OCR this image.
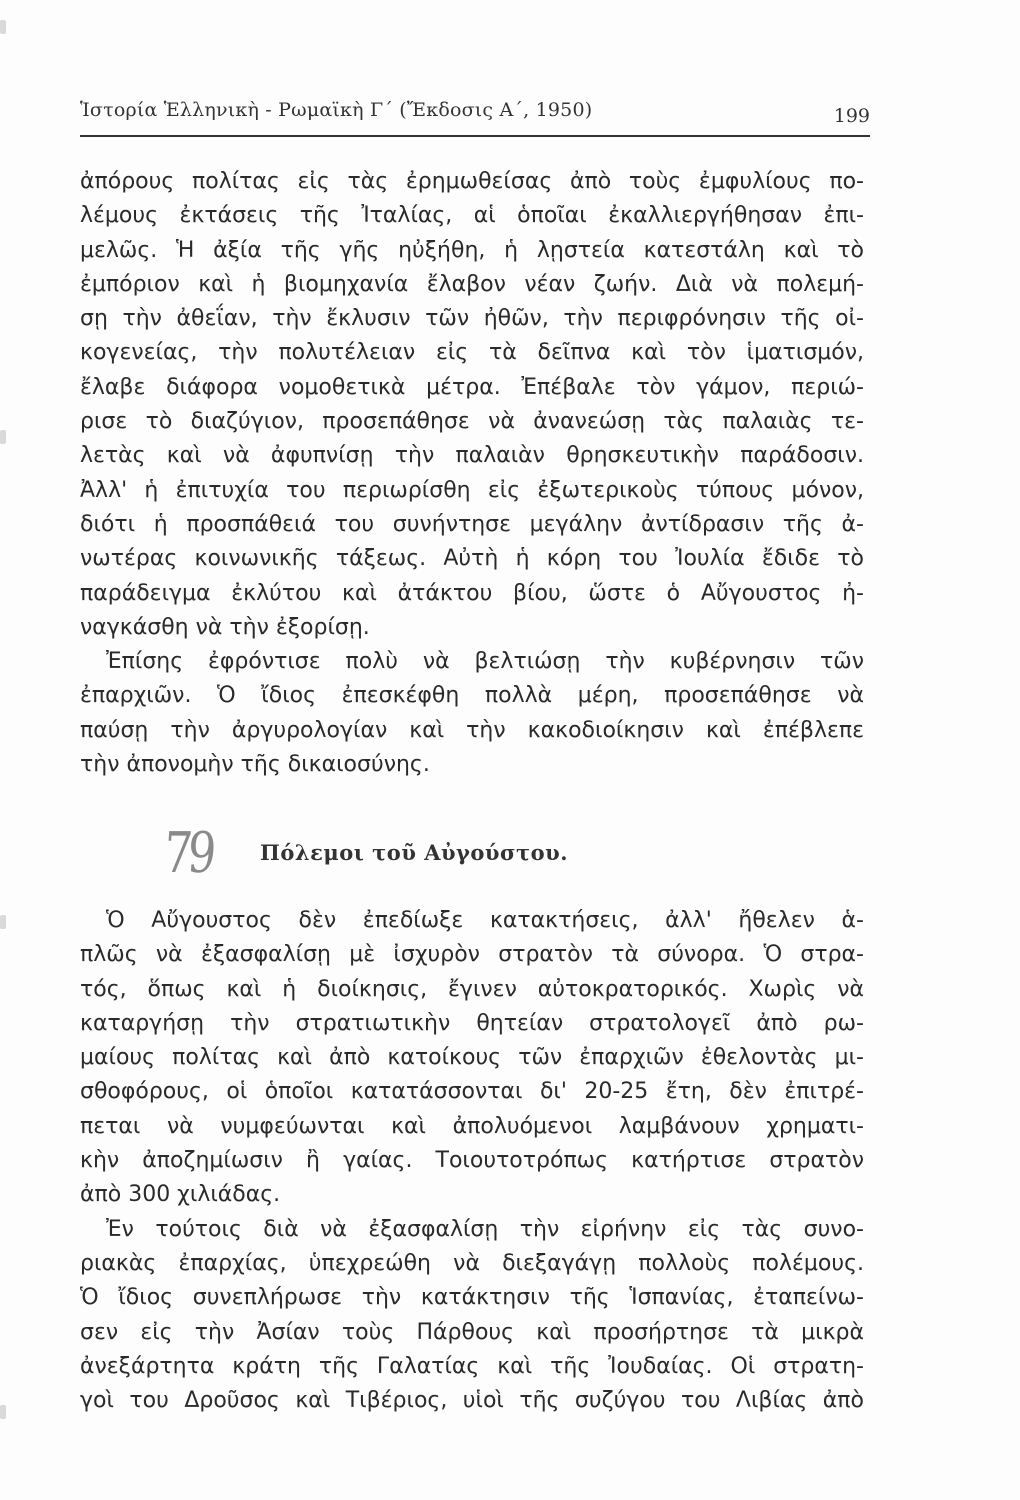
Ἱστορία Ἑλληνικὴ - Ρωμαϊκὴ Γ΄ (Ἔκδοσις Α΄, 1950)	199
ἀπόρους πολίτας εἰς τὰς ἐρημωθείσας ἀπὸ τοὺς ἐμφυλίους πο-
λέμους ἐκτάσεις τῆς Ἰταλίας, αἱ ὁποῖαι ἐκαλλιεργήθησαν ἐπι-
μελῶς. Ἡ ἀξία τῆς γῆς ηὐξήθη, ἡ λῃστεία κατεστάλη καὶ τὸ
ἐμπόριον καὶ ἡ βιομηχανία ἔλαβον νέαν ζωήν. Διὰ νὰ πολεμή-
σῃ τὴν ἀθεΐαν, τὴν ἔκλυσιν τῶν ἠθῶν, τὴν περιφρόνησιν τῆς οἰ-
κογενείας, τὴν πολυτέλειαν εἰς τὰ δεῖπνα καὶ τὸν ἱματισμόν,
ἔλαβε διάφορα νομοθετικὰ μέτρα. Ἐπέβαλε τὸν γάμον, περιώ-
ρισε τὸ διαζύγιον, προσεπάθησε νὰ ἀνανεώσῃ τὰς παλαιὰς τε-
λετὰς καὶ νὰ ἀφυπνίσῃ τὴν παλαιὰν θρησκευτικὴν παράδοσιν.
Ἀλλ' ἡ ἐπιτυχία του περιωρίσθη εἰς ἐξωτερικοὺς τύπους μόνον,
διότι ἡ προσπάθειά του συνήντησε μεγάλην ἀντίδρασιν τῆς ἀ-
νωτέρας κοινωνικῆς τάξεως. Αὐτὴ ἡ κόρη του Ἰουλία ἔδιδε τὸ
παράδειγμα ἐκλύτου καὶ ἀτάκτου βίου, ὥστε ὁ Αὔγουστος ἠ-
ναγκάσθη νὰ τὴν ἐξορίσῃ.
Ἐπίσης ἐφρόντισε πολὺ νὰ βελτιώσῃ τὴν κυβέρνησιν τῶν
ἐπαρχιῶν. Ὁ ἴδιος ἐπεσκέφθη πολλὰ μέρη, προσεπάθησε νὰ
παύσῃ τὴν ἀργυρολογίαν καὶ τὴν κακοδιοίκησιν καὶ ἐπέβλεπε
τὴν ἀπονομὴν τῆς δικαιοσύνης.
79 Πόλεμοι τοῦ Αὐγούστου.
Ὁ Αὔγουστος δὲν ἐπεδίωξε κατακτήσεις, ἀλλ' ἤθελεν ἁ-
πλῶς νὰ ἐξασφαλίσῃ μὲ ἰσχυρὸν στρατὸν τὰ σύνορα. Ὁ στρα-
τός, ὅπως καὶ ἡ διοίκησις, ἔγινεν αὐτοκρατορικός. Χωρὶς νὰ
καταργήσῃ τὴν στρατιωτικὴν θητείαν στρατολογεῖ ἀπὸ ρω-
μαίους πολίτας καὶ ἀπὸ κατοίκους τῶν ἐπαρχιῶν ἐθελοντὰς μι-
σθοφόρους, οἱ ὁποῖοι κατατάσσονται δι' 20-25 ἔτη, δὲν ἐπιτρέ-
πεται νὰ νυμφεύωνται καὶ ἀπολυόμενοι λαμβάνουν χρηματι-
κὴν ἀποζημίωσιν ἢ γαίας. Τοιουτοτρόπως κατήρτισε στρατὸν
ἀπὸ 300 χιλιάδας.
Ἐν τούτοις διὰ νὰ ἐξασφαλίσῃ τὴν εἰρήνην εἰς τὰς συνο-
ριακὰς ἐπαρχίας, ὑπεχρεώθη νὰ διεξαγάγῃ πολλοὺς πολέμους.
Ὁ ἴδιος συνεπλήρωσε τὴν κατάκτησιν τῆς Ἱσπανίας, ἐταπείνω-
σεν εἰς τὴν Ἀσίαν τοὺς Πάρθους καὶ προσήρτησε τὰ μικρὰ
ἀνεξάρτητα κράτη τῆς Γαλατίας καὶ τῆς Ἰουδαίας. Οἱ στρατη-
γοὶ του Δροῦσος καὶ Τιβέριος, υἱοὶ τῆς συζύγου του Λιβίας ἀπὸ
